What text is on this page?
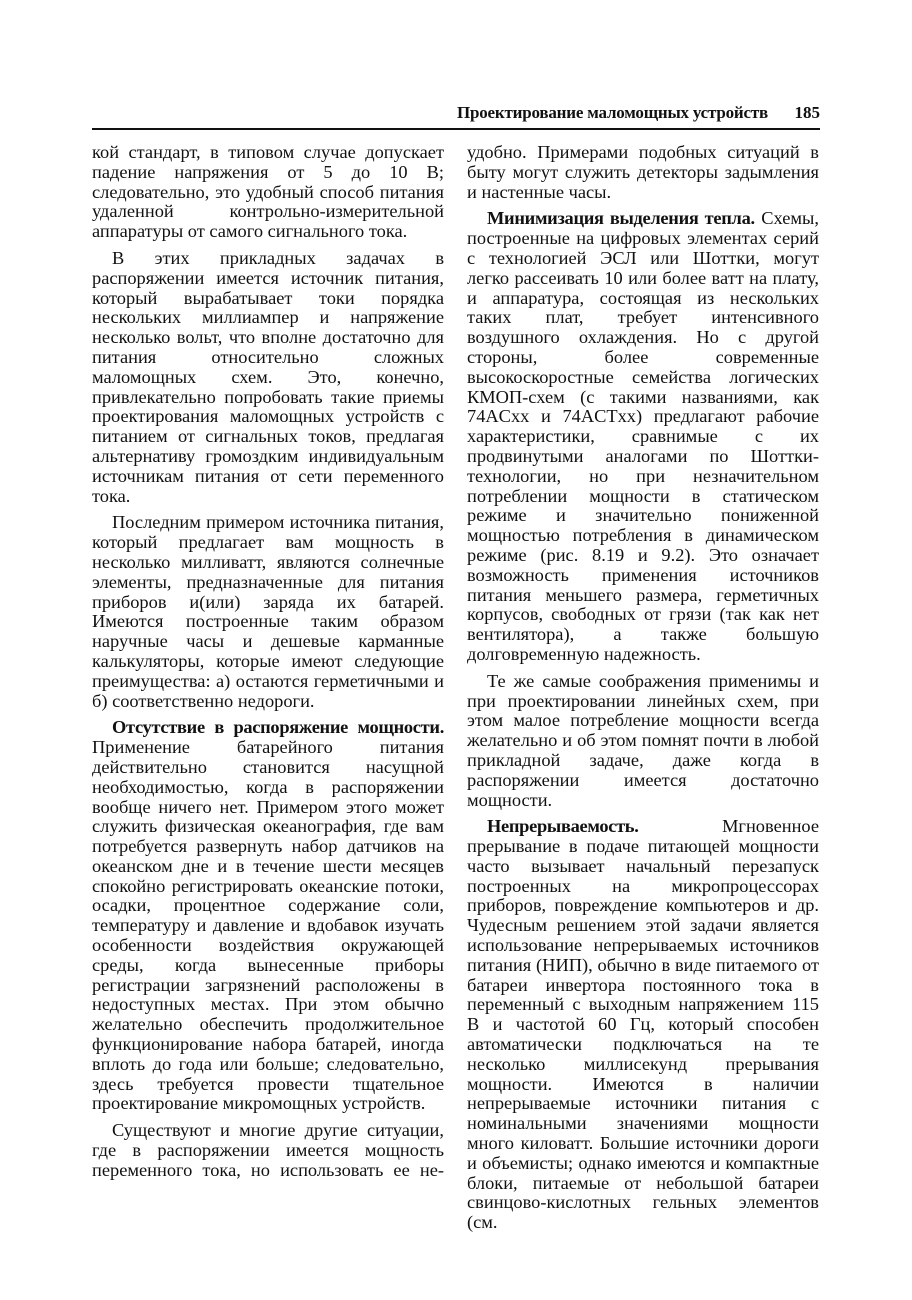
Проектирование маломощных устройств 185

кой стандарт, в типовом случае допускает падение напряжения от 5 до 10 В; следовательно, это удобный способ питания удаленной контрольно-измерительной аппаратуры от самого сигнального тока.

В этих прикладных задачах в распоряжении имеется источник питания, который вырабатывает токи порядка нескольких миллиампер и напряжение несколько вольт, что вполне достаточно для питания относительно сложных маломощных схем. Это, конечно, привлекательно попробовать такие приемы проектирования маломощных устройств с питанием от сигнальных токов, предлагая альтернативу громоздким индивидуальным источникам питания от сети переменного тока.

Последним примером источника питания, который предлагает вам мощность в несколько милливатт, являются солнечные элементы, предназначенные для питания приборов и(или) заряда их батарей. Имеются построенные таким образом наручные часы и дешевые карманные калькуляторы, которые имеют следующие преимущества: а) остаются герметичными и б) соответственно недороги.

Отсутствие в распоряжение мощности. Применение батарейного питания действительно становится насущной необходимостью, когда в распоряжении вообще ничего нет. Примером этого может служить физическая океанография, где вам потребуется развернуть набор датчиков на океанском дне и в течение шести месяцев спокойно регистрировать океанские потоки, осадки, процентное содержание соли, температуру и давление и вдобавок изучать особенности воздействия окружающей среды, когда вынесенные приборы регистрации загрязнений расположены в недоступных местах. При этом обычно желательно обеспечить продолжительное функционирование набора батарей, иногда вплоть до года или больше; следовательно, здесь требуется провести тщательное проектирование микромощных устройств.

Существуют и многие другие ситуации, где в распоряжении имеется мощность переменного тока, но использовать ее не-

удобно. Примерами подобных ситуаций в быту могут служить детекторы задымления и настенные часы.

Минимизация выделения тепла. Схемы, построенные на цифровых элементах серий с технологией ЭСЛ или Шоттки, могут легко рассеивать 10 или более ватт на плату, и аппаратура, состоящая из нескольких таких плат, требует интенсивного воздушного охлаждения. Но с другой стороны, более современные высокоскоростные семейства логических КМОП-схем (с такими названиями, как 74ACxx и 74ACTxx) предлагают рабочие характеристики, сравнимые с их продвинутыми аналогами по Шоттки-технологии, но при незначительном потреблении мощности в статическом режиме и значительно пониженной мощностью потребления в динамическом режиме (рис. 8.19 и 9.2). Это означает возможность применения источников питания меньшего размера, герметичных корпусов, свободных от грязи (так как нет вентилятора), а также большую долговременную надежность.

Те же самые соображения применимы и при проектировании линейных схем, при этом малое потребление мощности всегда желательно и об этом помнят почти в любой прикладной задаче, даже когда в распоряжении имеется достаточно мощности.

Непрерываемость.	Мгновенное прерывание в подаче питающей мощности часто вызывает начальный перезапуск построенных на микропроцессорах приборов, повреждение компьютеров и др. Чудесным решением этой задачи является использование непрерываемых источников питания (НИП), обычно в виде питаемого от батареи инвертора постоянного тока в переменный с выходным напряжением 115 В и частотой 60 Гц, который способен автоматически подключаться на те несколько миллисекунд прерывания мощности. Имеются в наличии непрерываемые источники питания с номинальными значениями мощности много киловатт. Большие источники дороги и объемисты; однако имеются и компактные блоки, питаемые от небольшой батареи свинцово-кислотных гельных элементов (см.
